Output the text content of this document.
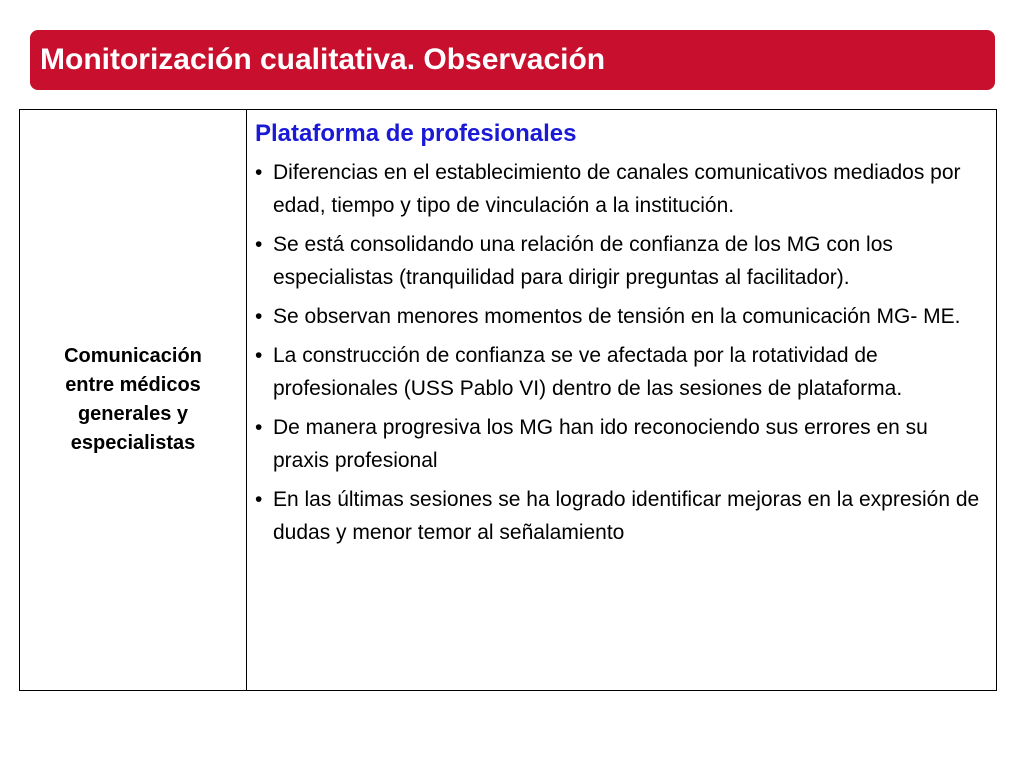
Monitorización cualitativa. Observación
Comunicación entre médicos generales y especialistas

Plataforma de profesionales
• Diferencias en el establecimiento de canales comunicativos mediados por edad, tiempo y tipo de vinculación a la institución.
• Se está consolidando una relación de confianza de los MG con los especialistas (tranquilidad para dirigir preguntas al facilitador).
• Se observan menores momentos de tensión en la comunicación MG- ME.
• La construcción de confianza se ve afectada por la rotatividad de profesionales (USS Pablo VI) dentro de las sesiones de plataforma.
• De manera progresiva los MG han ido reconociendo sus errores en su praxis profesional
• En las últimas sesiones se ha logrado identificar mejoras en la expresión de dudas y menor temor al señalamiento
